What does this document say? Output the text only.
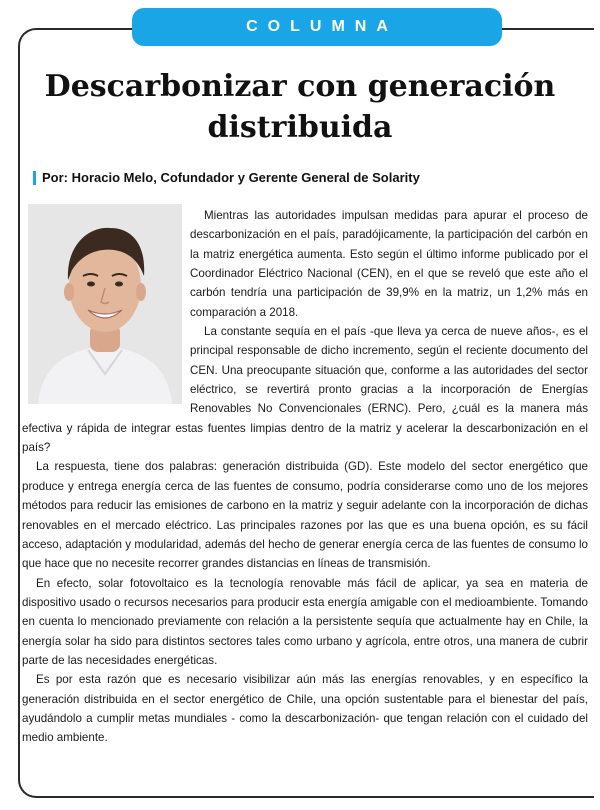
COLUMNA
Descarbonizar con generación distribuida
Por: Horacio Melo, Cofundador y Gerente General de Solarity

Mientras las autoridades impulsan medidas para apurar el proceso de descarbonización en el país, paradójicamente, la participación del carbón en la matriz energética aumenta. Esto según el último informe publicado por el Coordinador Eléctrico Nacional (CEN), en el que se reveló que este año el carbón tendría una participación de 39,9% en la matriz, un 1,2% más en comparación a 2018.

La constante sequía en el país -que lleva ya cerca de nueve años-, es el principal responsable de dicho incremento, según el reciente documento del CEN. Una preocupante situación que, conforme a las autoridades del sector eléctrico, se revertirá pronto gracias a la incorporación de Energías Renovables No Convencionales (ERNC). Pero, ¿cuál es la manera más efectiva y rápida de integrar estas fuentes limpias dentro de la matriz y acelerar la descarbonización en el país?

La respuesta, tiene dos palabras: generación distribuida (GD). Este modelo del sector energético que produce y entrega energía cerca de las fuentes de consumo, podría considerarse como uno de los mejores métodos para reducir las emisiones de carbono en la matriz y seguir adelante con la incorporación de dichas renovables en el mercado eléctrico. Las principales razones por las que es una buena opción, es su fácil acceso, adaptación y modularidad, además del hecho de generar energía cerca de las fuentes de consumo lo que hace que no necesite recorrer grandes distancias en líneas de transmisión.

En efecto, solar fotovoltaico es la tecnología renovable más fácil de aplicar, ya sea en materia de dispositivo usado o recursos necesarios para producir esta energía amigable con el medioambiente. Tomando en cuenta lo mencionado previamente con relación a la persistente sequía que actualmente hay en Chile, la energía solar ha sido para distintos sectores tales como urbano y agrícola, entre otros, una manera de cubrir parte de las necesidades energéticas.

Es por esta razón que es necesario visibilizar aún más las energías renovables, y en específico la generación distribuida en el sector energético de Chile, una opción sustentable para el bienestar del país, ayudándolo a cumplir metas mundiales - como la descarbonización- que tengan relación con el cuidado del medio ambiente.
